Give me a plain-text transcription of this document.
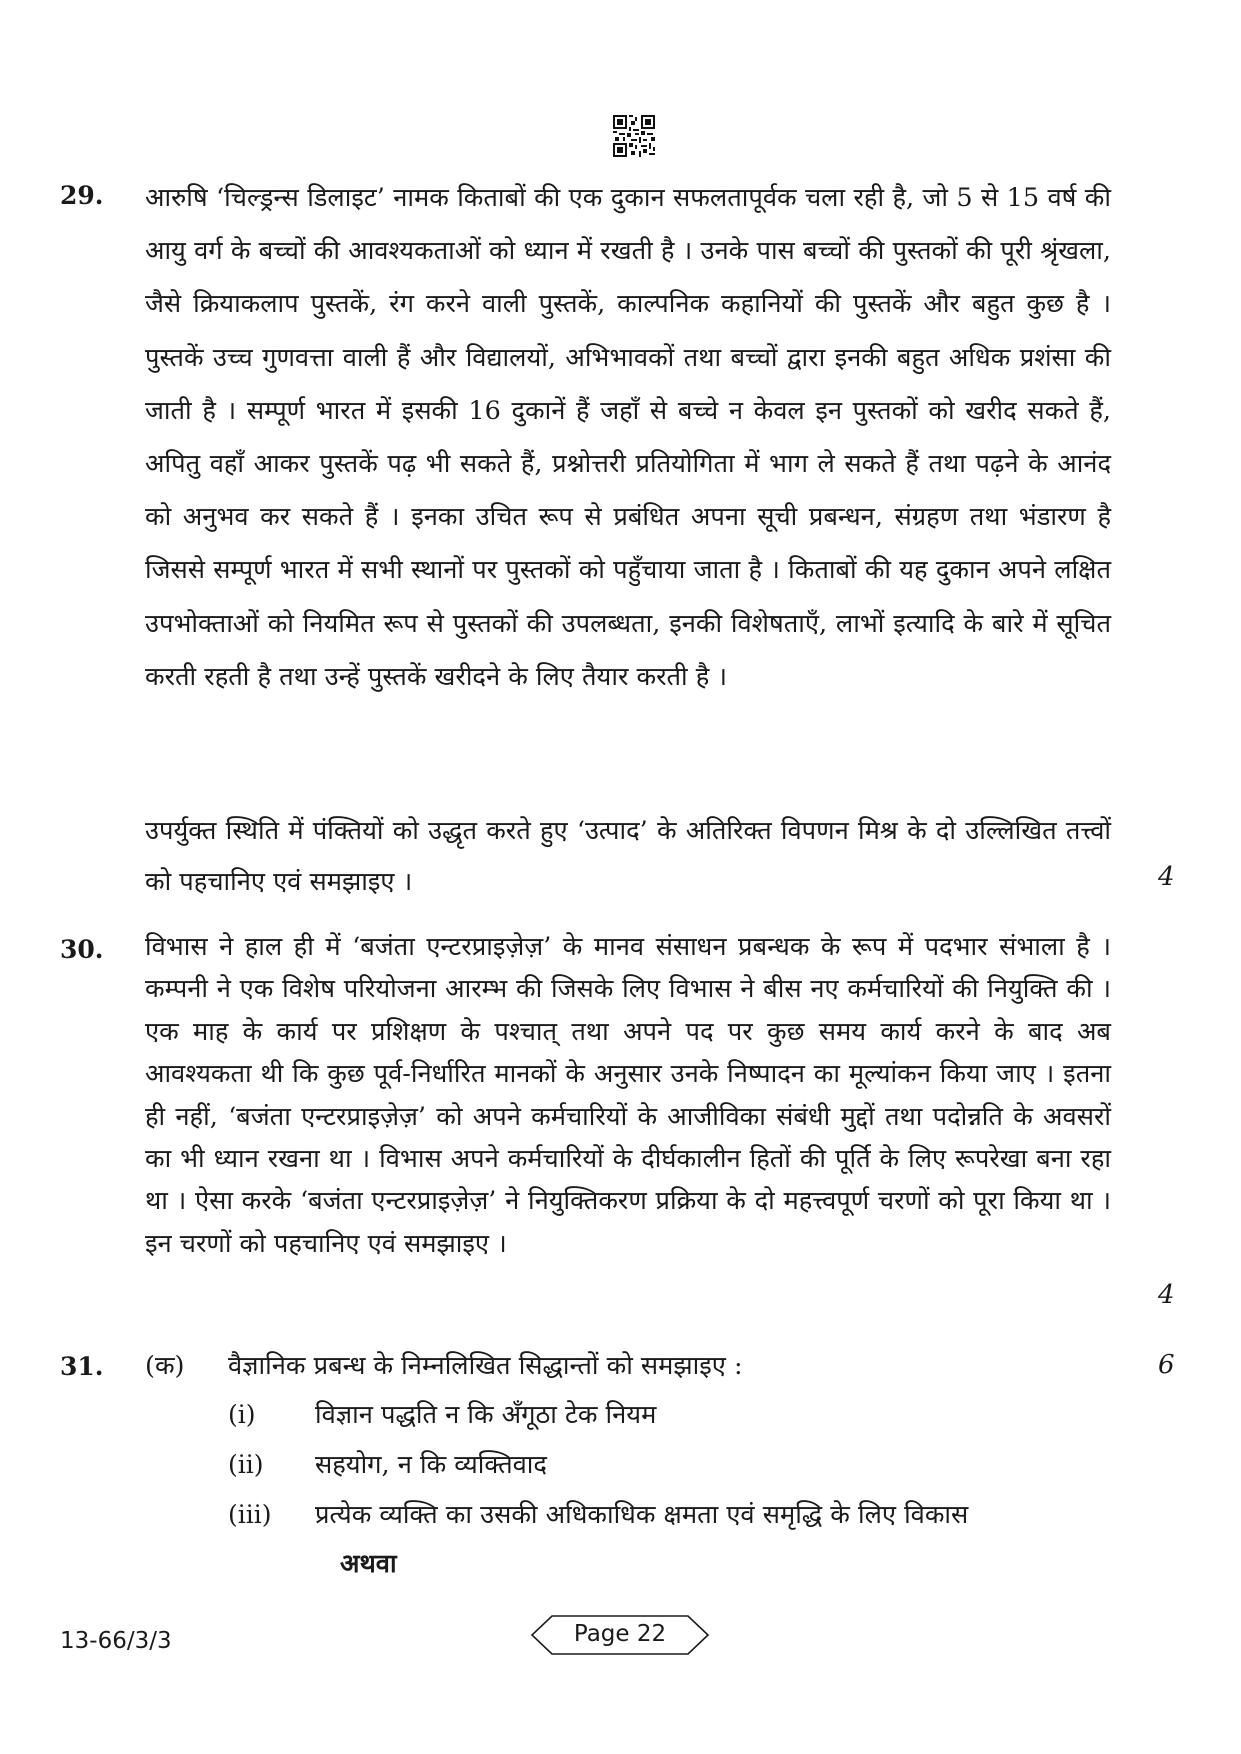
29. आरुषि ‘चिल्ड्रन्स डिलाइट’ नामक किताबों की एक दुकान सफलतापूर्वक चला रही है, जो 5 से 15 वर्ष की आयु वर्ग के बच्चों की आवश्यकताओं को ध्यान में रखती है । उनके पास बच्चों की पुस्तकों की पूरी श्रृंखला, जैसे क्रियाकलाप पुस्तकें, रंग करने वाली पुस्तकें, काल्पनिक कहानियों की पुस्तकें और बहुत कुछ है । पुस्तकें उच्च गुणवत्ता वाली हैं और विद्यालयों, अभिभावकों तथा बच्चों द्वारा इनकी बहुत अधिक प्रशंसा की जाती है । सम्पूर्ण भारत में इसकी 16 दुकानें हैं जहाँ से बच्चे न केवल इन पुस्तकों को खरीद सकते हैं, अपितु वहाँ आकर पुस्तकें पढ़ भी सकते हैं, प्रश्नोत्तरी प्रतियोगिता में भाग ले सकते हैं तथा पढ़ने के आनंद को अनुभव कर सकते हैं । इनका उचित रूप से प्रबंधित अपना सूची प्रबन्धन, संग्रहण तथा भंडारण है जिससे सम्पूर्ण भारत में सभी स्थानों पर पुस्तकों को पहुँचाया जाता है । किताबों की यह दुकान अपने लक्षित उपभोक्ताओं को नियमित रूप से पुस्तकों की उपलब्धता, इनकी विशेषताएँ, लाभों इत्यादि के बारे में सूचित करती रहती है तथा उन्हें पुस्तकें खरीदने के लिए तैयार करती है ।
उपर्युक्त स्थिति में पंक्तियों को उद्धृत करते हुए ‘उत्पाद’ के अतिरिक्त विपणन मिश्र के दो उल्लिखित तत्त्वों को पहचानिए एवं समझाइए ।	4
30. विभास ने हाल ही में ‘बजंता एन्टरप्राइज़ेज़’ के मानव संसाधन प्रबन्धक के रूप में पदभार संभाला है । कम्पनी ने एक विशेष परियोजना आरम्भ की जिसके लिए विभास ने बीस नए कर्मचारियों की नियुक्ति की । एक माह के कार्य पर प्रशिक्षण के पश्चात् तथा अपने पद पर कुछ समय कार्य करने के बाद अब आवश्यकता थी कि कुछ पूर्व-निर्धारित मानकों के अनुसार उनके निष्पादन का मूल्यांकन किया जाए । इतना ही नहीं, ‘बजंता एन्टरप्राइज़ेज़’ को अपने कर्मचारियों के आजीविका संबंधी मुद्दों तथा पदोन्नति के अवसरों का भी ध्यान रखना था । विभास अपने कर्मचारियों के दीर्घकालीन हितों की पूर्ति के लिए रूपरेखा बना रहा था । ऐसा करके ‘बजंता एन्टरप्राइज़ेज़’ ने नियुक्तिकरण प्रक्रिया के दो महत्त्वपूर्ण चरणों को पूरा किया था । इन चरणों को पहचानिए एवं समझाइए ।
4
31. (क) वैज्ञानिक प्रबन्ध के निम्नलिखित सिद्धान्तों को समझाइए :	6
(i) विज्ञान पद्धति न कि अँगूठा टेक नियम
(ii) सहयोग, न कि व्यक्तिवाद
(iii) प्रत्येक व्यक्ति का उसकी अधिकाधिक क्षमता एवं समृद्धि के लिए विकास
अथवा
13-66/3/3	Page 22
